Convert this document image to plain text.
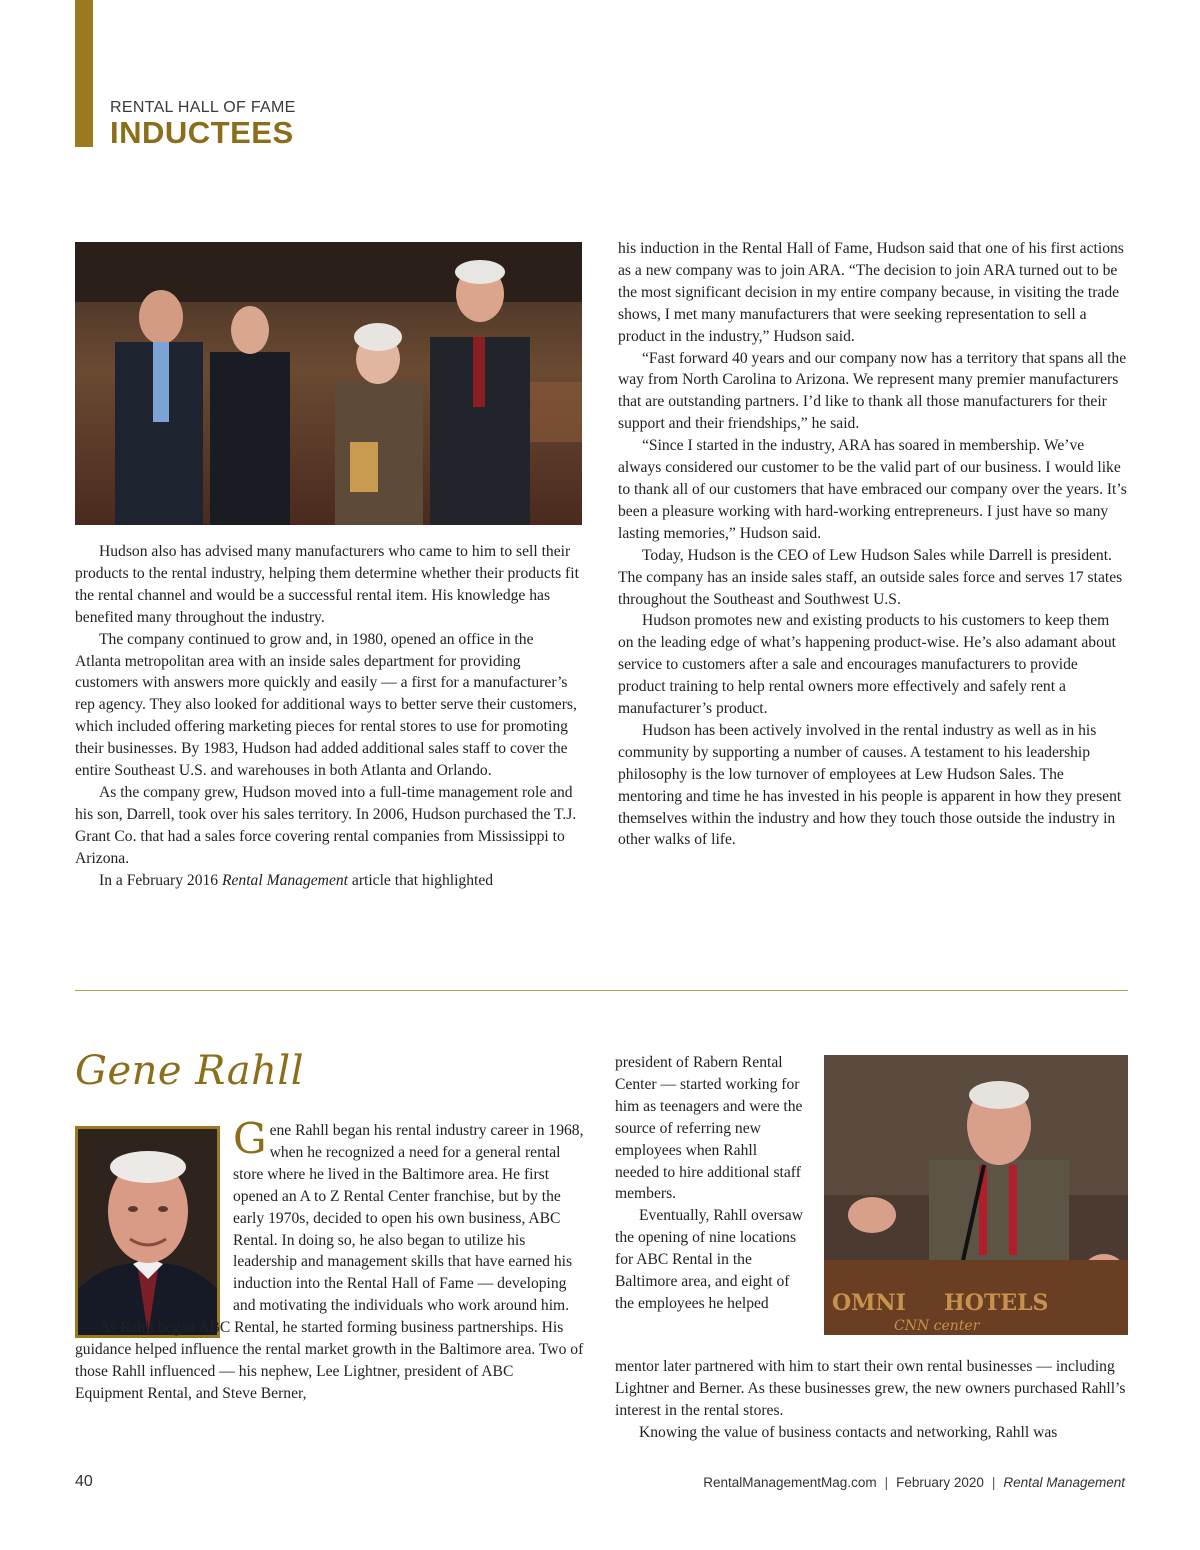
RENTAL HALL OF FAME
INDUCTEES

Hudson also has advised many manufacturers who came to him to sell their products to the rental industry, helping them determine whether their products fit the rental channel and would be a successful rental item. His knowledge has benefited many throughout the industry.

The company continued to grow and, in 1980, opened an office in the Atlanta metropolitan area with an inside sales department for providing customers with answers more quickly and easily — a first for a manufacturer’s rep agency. They also looked for additional ways to better serve their customers, which included offering marketing pieces for rental stores to use for promoting their businesses. By 1983, Hudson had added additional sales staff to cover the entire Southeast U.S. and warehouses in both Atlanta and Orlando.

As the company grew, Hudson moved into a full-time management role and his son, Darrell, took over his sales territory. In 2006, Hudson purchased the T.J. Grant Co. that had a sales force covering rental companies from Mississippi to Arizona.

In a February 2016 Rental Management article that highlighted

his induction in the Rental Hall of Fame, Hudson said that one of his first actions as a new company was to join ARA. “The decision to join ARA turned out to be the most significant decision in my entire company because, in visiting the trade shows, I met many manufacturers that were seeking representation to sell a product in the industry,” Hudson said.

“Fast forward 40 years and our company now has a territory that spans all the way from North Carolina to Arizona. We represent many premier manufacturers that are outstanding partners. I’d like to thank all those manufacturers for their support and their friendships,” he said.

“Since I started in the industry, ARA has soared in membership. We’ve always considered our customer to be the valid part of our business. I would like to thank all of our customers that have embraced our company over the years. It’s been a pleasure working with hard-working entrepreneurs. I just have so many lasting memories,” Hudson said.

Today, Hudson is the CEO of Lew Hudson Sales while Darrell is president. The company has an inside sales staff, an outside sales force and serves 17 states throughout the Southeast and Southwest U.S.

Hudson promotes new and existing products to his customers to keep them on the leading edge of what’s happening product-wise. He’s also adamant about service to customers after a sale and encourages manufacturers to provide product training to help rental owners more effectively and safely rent a manufacturer’s product.

Hudson has been actively involved in the rental industry as well as in his community by supporting a number of causes. A testament to his leadership philosophy is the low turnover of employees at Lew Hudson Sales. The mentoring and time he has invested in his people is apparent in how they present themselves within the industry and how they touch those outside the industry in other walks of life.

Gene Rahll
Gene Rahll began his rental industry career in 1968, when he recognized a need for a general rental store where he lived in the Baltimore area. He first opened an A to Z Rental Center franchise, but by the early 1970s, decided to open his own business, ABC Rental. In doing so, he also began to utilize his leadership and management skills that have earned his induction into the Rental Hall of Fame — developing and motivating the individuals who work around him.

As Rahll began ABC Rental, he started forming business partnerships. His guidance helped influence the rental market growth in the Baltimore area. Two of those Rahll influenced — his nephew, Lee Lightner, president of ABC Equipment Rental, and Steve Berner,

OMNI HOTELS
CNN center

president of Rabern Rental Center — started working for him as teenagers and were the source of referring new employees when Rahll needed to hire additional staff members.

Eventually, Rahll oversaw the opening of nine locations for ABC Rental in the Baltimore area, and eight of the employees he helped

mentor later partnered with him to start their own rental businesses — including Lightner and Berner. As these businesses grew, the new owners purchased Rahll’s interest in the rental stores.

Knowing the value of business contacts and networking, Rahll was

40	RentalManagementMag.com | February 2020 | Rental Management
